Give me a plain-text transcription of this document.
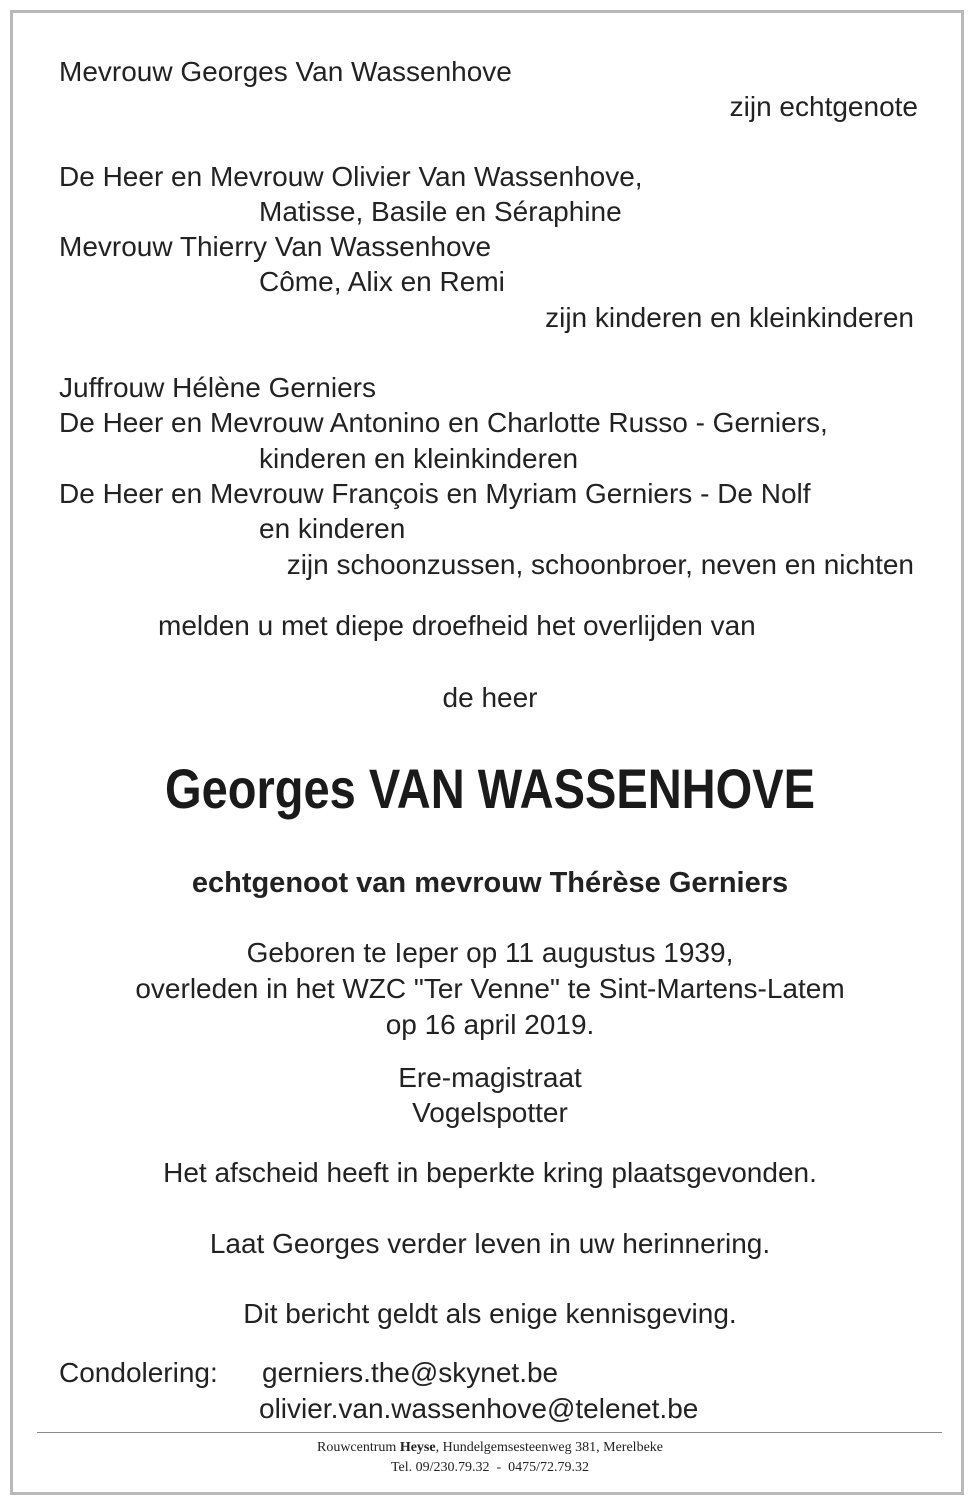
Mevrouw Georges Van Wassenhove
zijn echtgenote
De Heer en Mevrouw Olivier Van Wassenhove,
Matisse, Basile en Séraphine
Mevrouw Thierry Van Wassenhove
Côme, Alix en Remi
zijn kinderen en kleinkinderen
Juffrouw Hélène Gerniers
De Heer en Mevrouw Antonino en Charlotte Russo - Gerniers,
kinderen en kleinkinderen
De Heer en Mevrouw François en Myriam Gerniers - De Nolf
en kinderen
zijn schoonzussen, schoonbroer, neven en nichten
melden u met diepe droefheid het overlijden van
de heer
Georges VAN WASSENHOVE
echtgenoot van mevrouw Thérèse Gerniers
Geboren te Ieper op 11 augustus 1939,
overleden in het WZC "Ter Venne" te Sint-Martens-Latem
op 16 april 2019.
Ere-magistraat
Vogelspotter
Het afscheid heeft in beperkte kring plaatsgevonden.
Laat Georges verder leven in uw herinnering.
Dit bericht geldt als enige kennisgeving.
Condolering: gerniers.the@skynet.be
olivier.van.wassenhove@telenet.be
Rouwcentrum Heyse, Hundelgemsesteenweg 381, Merelbeke
Tel. 09/230.79.32  -  0475/72.79.32
